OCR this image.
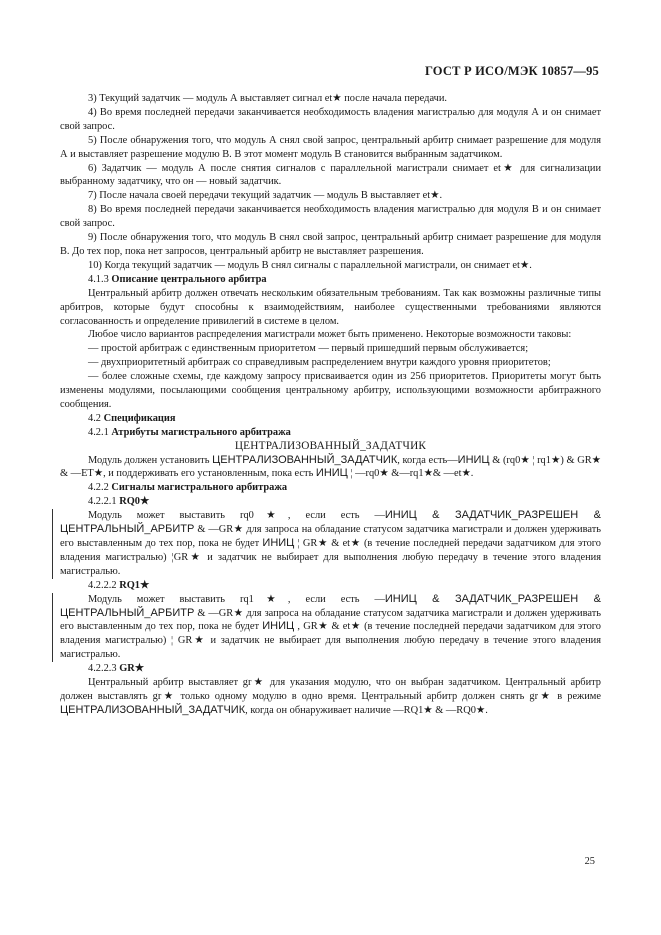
ГОСТ Р ИСО/МЭК 10857—95

3) Текущий задатчик — модуль А выставляет сигнал et★ после начала передачи.

4) Во время последней передачи заканчивается необходимость владения магистралью для модуля А и он снимает свой запрос.

5) После обнаружения того, что модуль А снял свой запрос, центральный арбитр снимает разрешение для модуля А и выставляет разрешение модулю В. В этот момент модуль В становится выбранным задатчиком.

6) Задатчик — модуль А после снятия сигналов с параллельной магистрали снимает et★ для сигнализации выбранному задатчику, что он — новый задатчик.

7) После начала своей передачи текущий задатчик — модуль В выставляет et★.

8) Во время последней передачи заканчивается необходимость владения магистралью для модуля В и он снимает свой запрос.

9) После обнаружения того, что модуль В снял свой запрос, центральный арбитр снимает разрешение для модуля В. До тех пор, пока нет запросов, центральный арбитр не выставляет разрешения.

10) Когда текущий задатчик — модуль В снял сигналы с параллельной магистрали, он снимает et★.

4.1.3 Описание центрального арбитра

Центральный арбитр должен отвечать нескольким обязательным требованиям. Так как возможны различные типы арбитров, которые будут способны к взаимодействиям, наиболее существенными требованиями являются согласованность и определение привилегий в системе в целом.

Любое число вариантов распределения магистрали может быть применено. Некоторые возможности таковы:

— простой арбитраж с единственным приоритетом — первый пришедший первым обслуживается;

— двухприоритетный арбитраж со справедливым распределением внутри каждого уровня приоритетов;

— более сложные схемы, где каждому запросу присваивается один из 256 приоритетов. Приоритеты могут быть изменены модулями, посылающими сообщения центральному арбитру, использующими возможности арбитражного сообщения.

4.2 Спецификация

4.2.1 Атрибуты магистрального арбитража

ЦЕНТРАЛИЗОВАННЫЙ_ЗАДАТЧИК

Модуль должен установить ЦЕНТРАЛИЗОВАННЫЙ_ЗАДАТЧИК, когда есть—ИНИЦ & (rq0★ ¦ rq1★) & GR★ & —ET★, и поддерживать его установленным, пока есть ИНИЦ ¦ —rq0★ &—rq1★& —et★.

4.2.2 Сигналы магистрального арбитража

4.2.2.1 RQ0★

Модуль может выставить rq0★, если есть —ИНИЦ & ЗАДАТЧИК_РАЗРЕШЕН & ЦЕНТРАЛЬНЫЙ_АРБИТР & —GR★ для запроса на обладание статусом задатчика магистрали и должен удерживать его выставленным до тех пор, пока не будет ИНИЦ ¦ GR★ & et★ (в течение последней передачи задатчиком для этого владения магистралью) ¦GR★ и задатчик не выбирает для выполнения любую передачу в течение этого владения магистралью.

4.2.2.2 RQ1★

Модуль может выставить rq1★, если есть —ИНИЦ & ЗАДАТЧИК_РАЗРЕШЕН & ЦЕНТРАЛЬНЫЙ_АРБИТР & —GR★ для запроса на обладание статусом задатчика магистрали и должен удерживать его выставленным до тех пор, пока не будет ИНИЦ , GR★ & et★ (в течение последней передачи задатчиком для этого владения магистралью) ¦ GR★ и задатчик не выбирает для выполнения любую передачу в течение этого владения магистралью.

4.2.2.3 GR★

Центральный арбитр выставляет gr★ для указания модулю, что он выбран задатчиком. Центральный арбитр должен выставлять gr★ только одному модулю в одно время. Центральный арбитр должен снять gr★ в режиме ЦЕНТРАЛИЗОВАННЫЙ_ЗАДАТЧИК, когда он обнаруживает наличие —RQ1★ & —RQ0★.

25
